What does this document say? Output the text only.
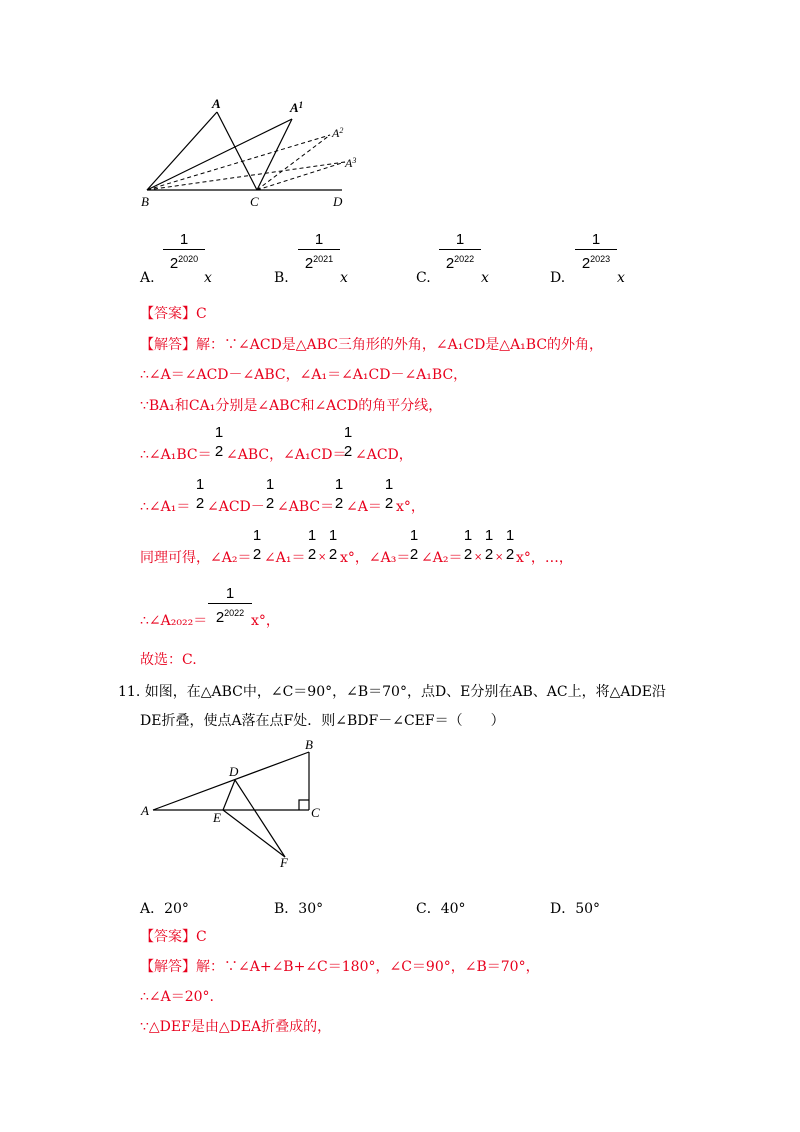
A	$A^1$
$A^2$
$A^3$
B	C	D
A.
1
$2^{2020}$
x	B.
1
$2^{2021}$
x	C.
1
$2^{2022}$
x	D.
1
$2^{2023}$
x
【答案】C
【解答】解：∵∠ACD是△ABC三角形的外角，∠A₁CD是△A₁BC的外角，
∴∠A＝∠ACD－∠ABC，∠A₁＝∠A₁CD－∠A₁BC，
∵BA₁和CA₁分别是∠ABC和∠ACD的角平分线，
∴∠A₁BC＝
1
2 ∠ABC，∠A₁CD＝
1
2 ∠ACD，
∴∠A₁＝
1
2 ∠ACD－
1
2 ∠ABC＝
1
2 ∠A＝
1
2 x°，
同理可得，∠A₂＝
1
2 ∠A₁＝
1
2 ×
1
2 x°，∠A₃＝
1
2 ∠A₂＝
1
2 ×
1
2 ×
1
2 x°，…，
∴∠A₂₀₂₂＝
1
$2^{2022}$ x°，
故选：C.
11. 如图，在△ABC中，∠C＝90°，∠B＝70°，点D、E分别在AB、AC上，将△ADE沿
DE折叠，使点A落在点F处．则∠BDF－∠CEF＝（　　）
A
B
C
D
E
F
A．20°	B．30°	C．40°	D．50°
【答案】C
【解答】解：∵∠A+∠B+∠C＝180°，∠C＝90°，∠B＝70°，
∴∠A＝20°.
∵△DEF是由△DEA折叠成的，
